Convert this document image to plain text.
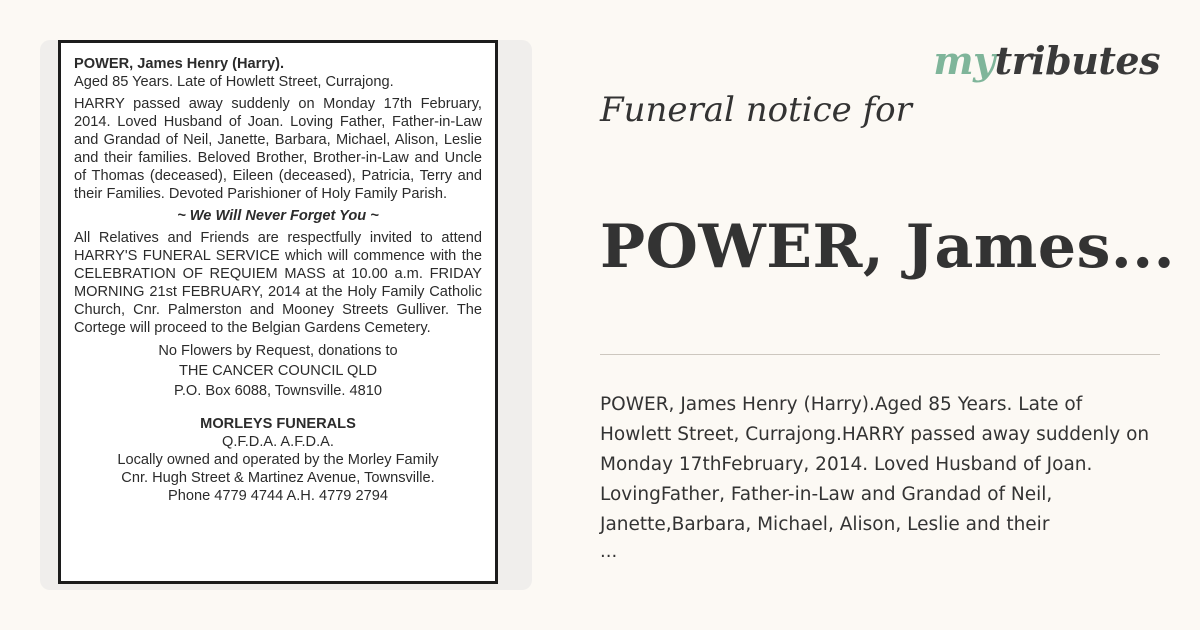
POWER, James Henry (Harry).

Aged 85 Years. Late of Howlett Street, Currajong.

HARRY passed away suddenly on Monday 17th February, 2014. Loved Husband of Joan. Loving Father, Father-in-Law and Grandad of Neil, Janette, Barbara, Michael, Alison, Leslie and their families. Beloved Brother, Brother-in-Law and Uncle of Thomas (deceased), Eileen (deceased), Patricia, Terry and their Families. Devoted Parishioner of Holy Family Parish.

~ We Will Never Forget You ~

All Relatives and Friends are respectfully invited to attend HARRY'S FUNERAL SERVICE which will commence with the CELEBRATION OF REQUIEM MASS at 10.00 a.m. FRIDAY MORNING 21st FEBRUARY, 2014 at the Holy Family Catholic Church, Cnr. Palmerston and Mooney Streets Gulliver. The Cortege will proceed to the Belgian Gardens Cemetery.

No Flowers by Request, donations to

THE CANCER COUNCIL QLD

P.O. Box 6088, Townsville. 4810

MORLEYS FUNERALS

Q.F.D.A. A.F.D.A.

Locally owned and operated by the Morley Family

Cnr. Hugh Street & Martinez Avenue, Townsville.

Phone 4779 4744 A.H. 4779 2794

mytributes
Funeral notice for
POWER, James...
POWER, James Henry (Harry).Aged 85 Years. Late of
Howlett Street, Currajong.HARRY passed away suddenly on
Monday 17thFebruary, 2014. Loved Husband of Joan.
LovingFather, Father-in-Law and Grandad of Neil,
Janette,Barbara, Michael, Alison, Leslie and their
...
